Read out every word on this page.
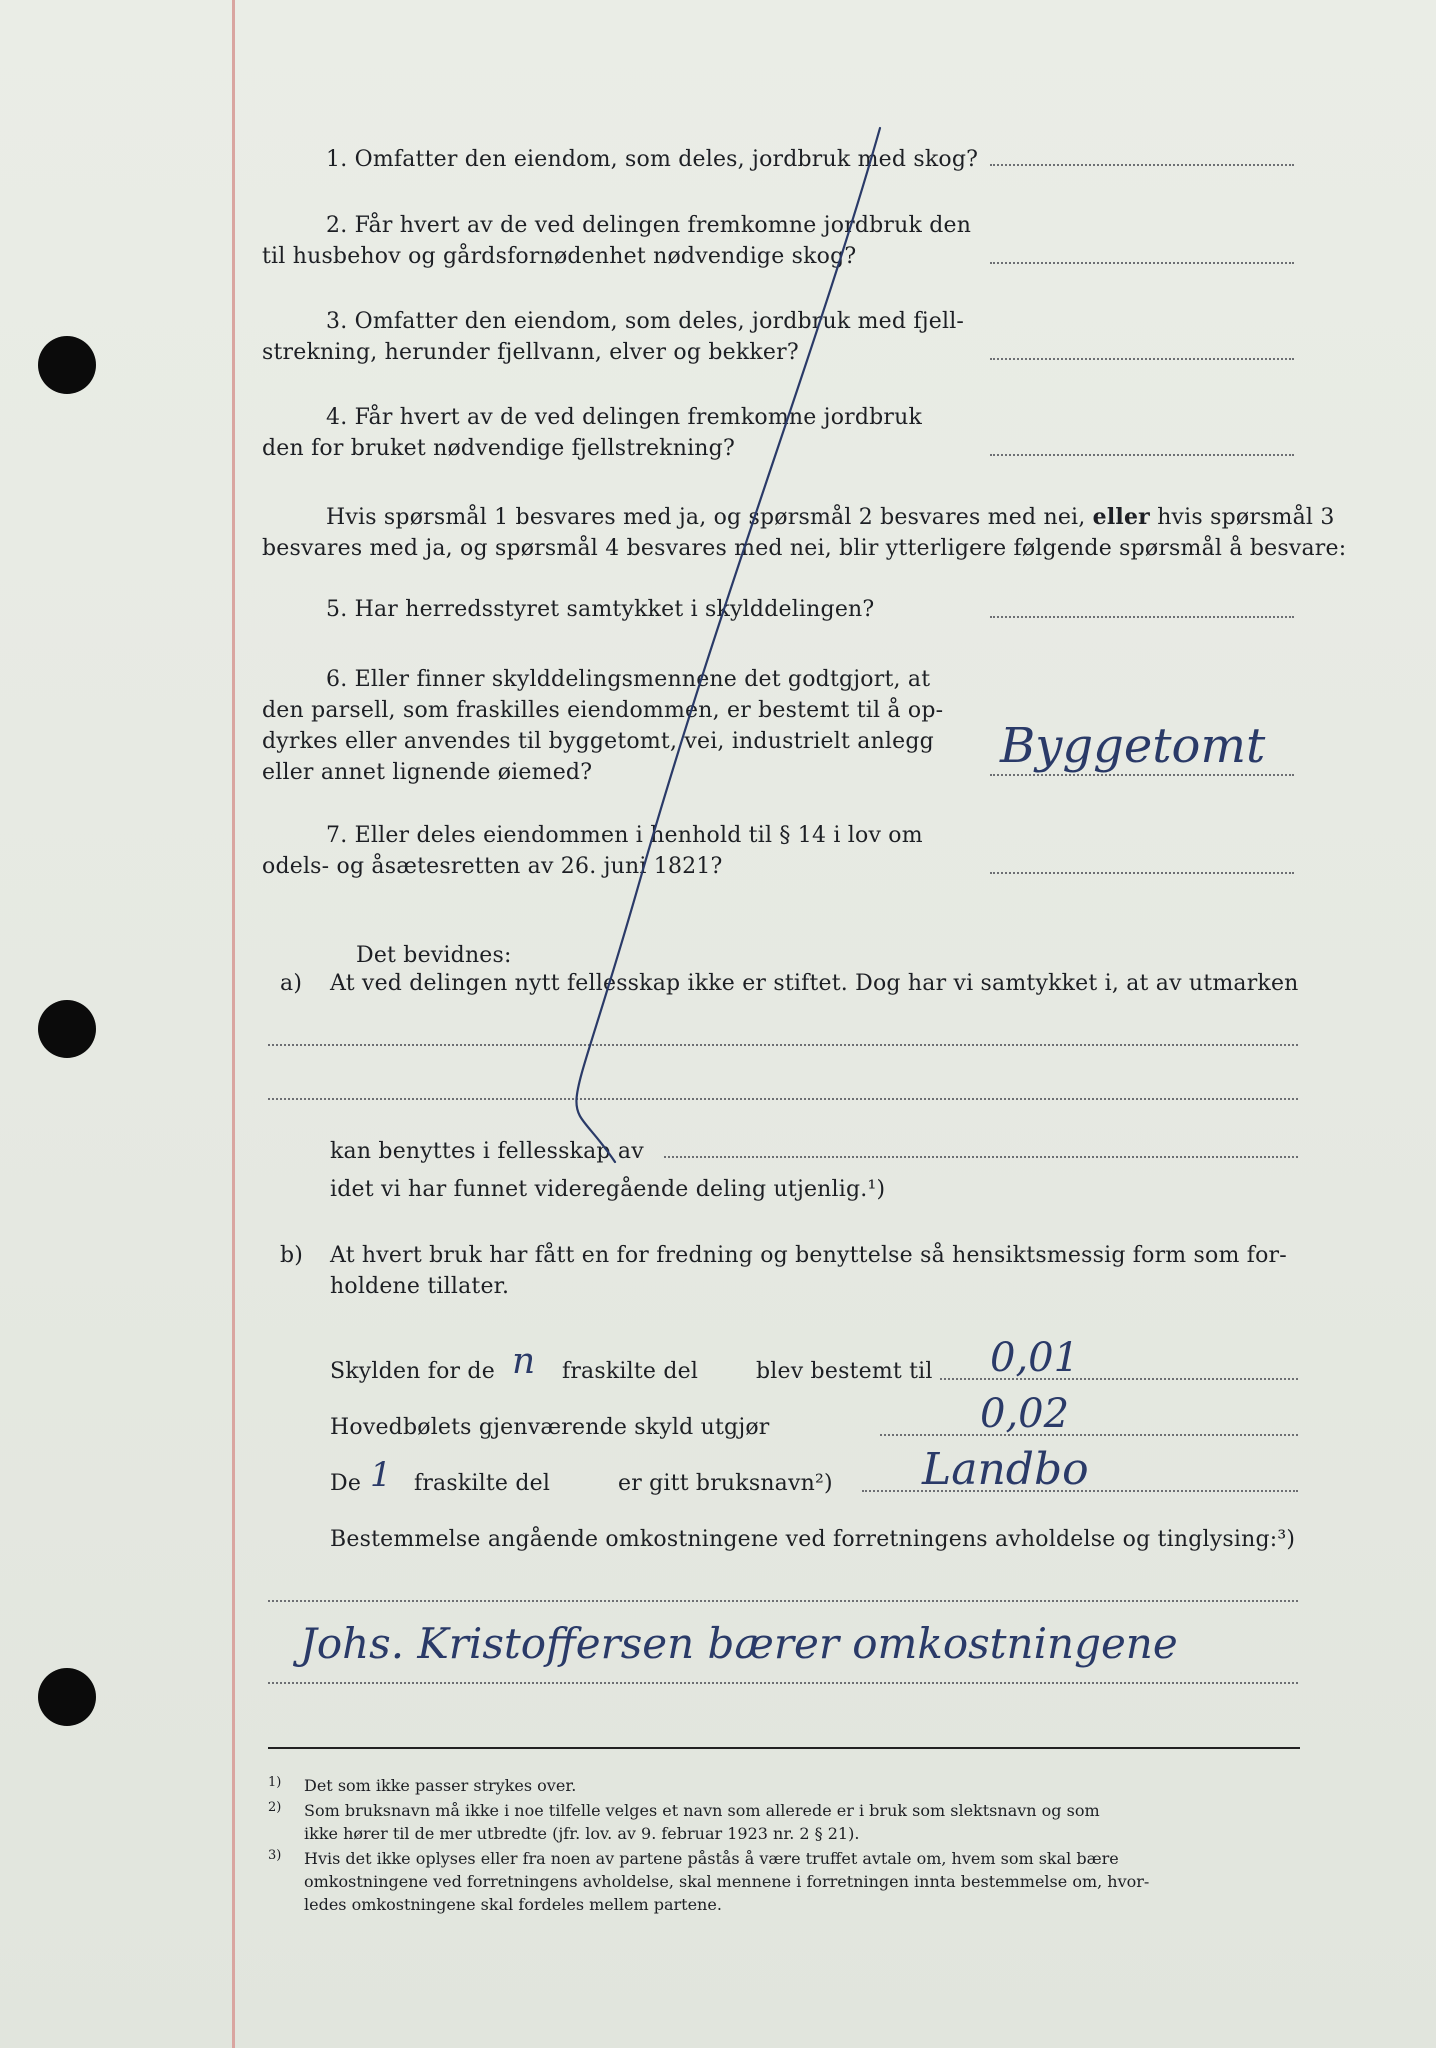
1. Omfatter den eiendom, som deles, jordbruk med skog?
2. Får hvert av de ved delingen fremkomne jordbruk den
til husbehov og gårdsfornødenhet nødvendige skog?
3. Omfatter den eiendom, som deles, jordbruk med fjell-
strekning, herunder fjellvann, elver og bekker?
4. Får hvert av de ved delingen fremkomne jordbruk
den for bruket nødvendige fjellstrekning?
Hvis spørsmål 1 besvares med ja, og spørsmål 2 besvares med nei, eller hvis spørsmål 3
besvares med ja, og spørsmål 4 besvares med nei, blir ytterligere følgende spørsmål å besvare:
5. Har herredsstyret samtykket i skylddelingen?
6. Eller finner skylddelingsmennene det godtgjort, at
den parsell, som fraskilles eiendommen, er bestemt til å op-
dyrkes eller anvendes til byggetomt, vei, industrielt anlegg
eller annet lignende øiemed?	Byggetomt
7. Eller deles eiendommen i henhold til § 14 i lov om
odels- og åsætesretten av 26. juni 1821?
Det bevidnes:
a) At ved delingen nytt fellesskap ikke er stiftet. Dog har vi samtykket i, at av utmarken
kan benyttes i fellesskap av
idet vi har funnet videregående deling utjenlig.¹)
b) At hvert bruk har fått en for fredning og benyttelse så hensiktsmessig form som for-
holdene tillater.
Skylden for de n fraskilte del	blev bestemt til 0,01
Hovedbølets gjenværende skyld utgjør	0,02
De 1 fraskilte del	er gitt bruksnavn²) Landbo
Bestemmelse angående omkostningene ved forretningens avholdelse og tinglysing:³)
Johs. Kristoffersen bærer omkostningene
1) Det som ikke passer strykes over.
2) Som bruksnavn må ikke i noe tilfelle velges et navn som allerede er i bruk som slektsnavn og som
ikke hører til de mer utbredte (jfr. lov. av 9. februar 1923 nr. 2 § 21).
3) Hvis det ikke oplyses eller fra noen av partene påstås å være truffet avtale om, hvem som skal bære
omkostningene ved forretningens avholdelse, skal mennene i forretningen innta bestemmelse om, hvor-
ledes omkostningene skal fordeles mellem partene.
